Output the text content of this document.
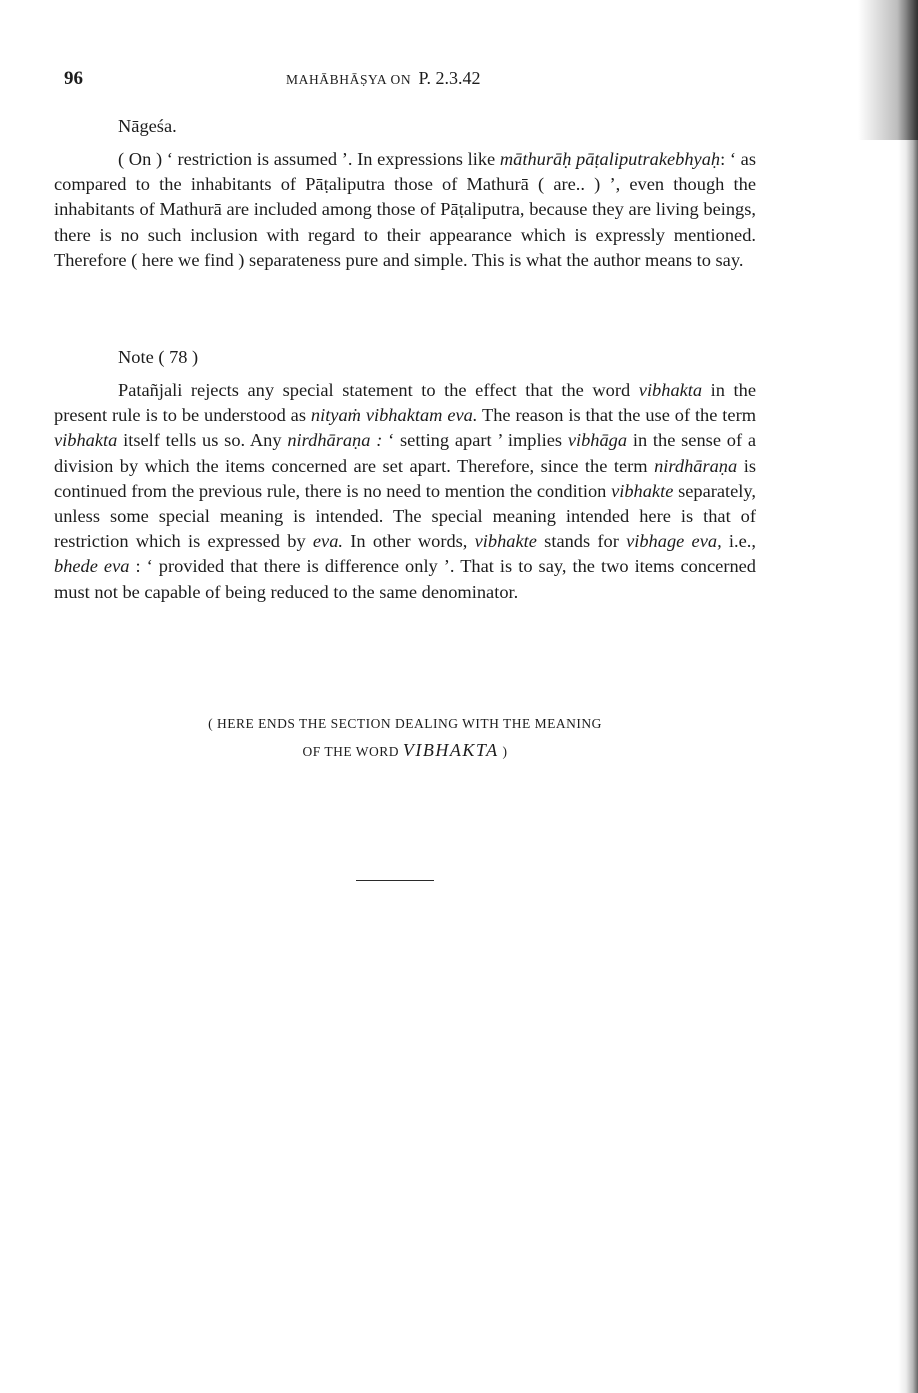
96	MAHĀBHĀṢYA ON P. 2.3.42
Nāgeśa.

( On ) ‘ restriction is assumed ’. In expressions like māthurāḥ pāṭaliputrakebhyaḥ: ‘ as compared to the inhabitants of Pāṭaliputra those of Mathurā ( are.. ) ’, even though the inhabitants of Mathurā are included among those of Pāṭaliputra, because they are living beings, there is no such inclusion with regard to their appearance which is expressly mentioned. Therefore ( here we find ) separateness pure and simple. This is what the author means to say.

Note ( 78 )

Patañjali rejects any special statement to the effect that the word vibhakta in the present rule is to be understood as nityaṁ vibhaktam eva. The reason is that the use of the term vibhakta itself tells us so. Any nirdhāraṇa : ‘ setting apart ’ implies vibhāga in the sense of a division by which the items concerned are set apart. Therefore, since the term nirdhāraṇa is continued from the previous rule, there is no need to mention the condition vibhakte separately, unless some special meaning is intended. The special meaning intended here is that of restriction which is expressed by eva. In other words, vibhakte stands for vibhage eva, i.e., bhede eva : ‘ provided that there is difference only ’. That is to say, the two items concerned must not be capable of being reduced to the same denominator.

( HERE ENDS THE SECTION DEALING WITH THE MEANING
OF THE WORD VIBHAKTA )
